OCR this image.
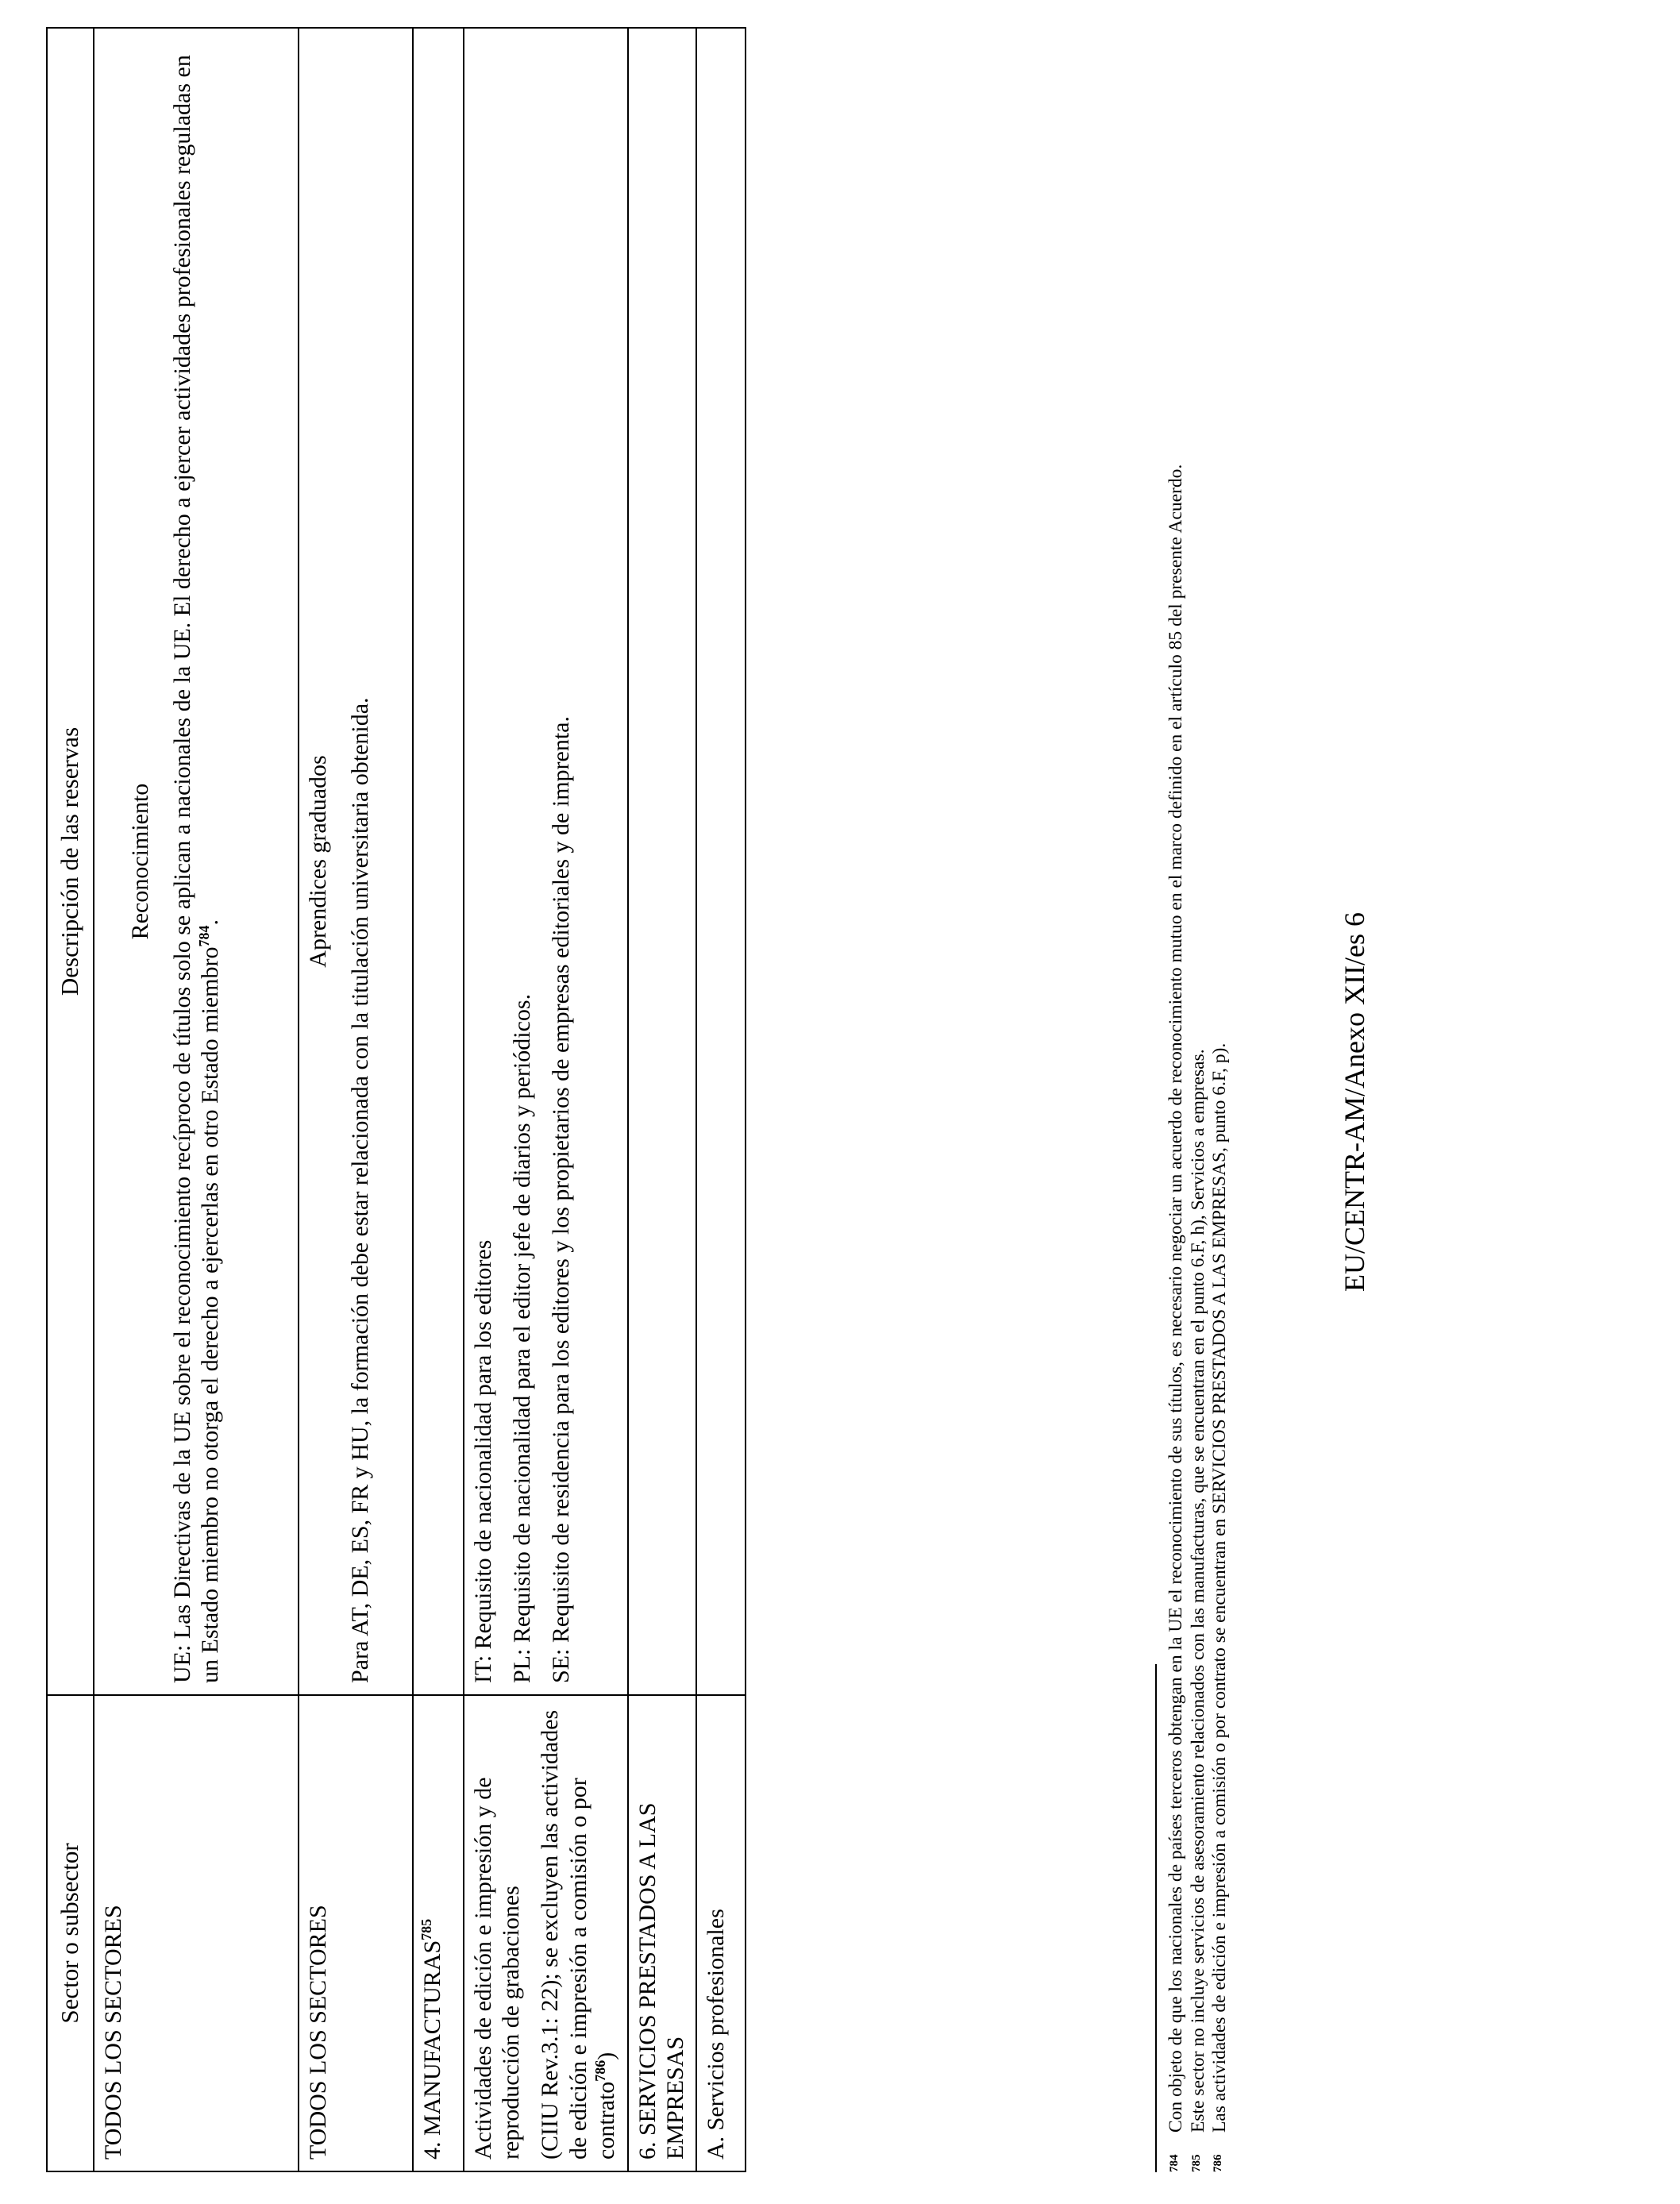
Sector o subsector	Descripción de las reservas
TODOS LOS SECTORES	Reconocimiento UE: Las Directivas de la UE sobre el reconocimiento recíproco de títulos solo se aplican a nacionales de la UE. El derecho a ejercer actividades profesionales reguladas en un Estado miembro no otorga el derecho a ejercerlas en otro Estado miembro$^{784}$.

TODOS LOS SECTORES	Aprendices graduados Para AT, DE, ES, FR y HU, la formación debe estar relacionada con la titulación universitaria obtenida.

4. MANUFACTURAS$^{785}$	

Actividades de edición e impresión y de reproducción de grabaciones (CIIU Rev.3.1: 22); se excluyen las actividades de edición e impresión a comisión o por contrato$^{786}$)	IT: Requisito de nacionalidad para los editores PL: Requisito de nacionalidad para el editor jefe de diarios y periódicos. SE: Requisito de residencia para los editores y los propietarios de empresas editoriales y de imprenta.

6. SERVICIOS PRESTADOS A LAS EMPRESAS	
A. Servicios profesionales	
784
Con objeto de que los nacionales de países terceros obtengan en la UE el reconocimiento de sus títulos, es necesario negociar un acuerdo de reconocimiento mutuo en el marco definido en el artículo 85 del presente Acuerdo.
785
Este sector no incluye servicios de asesoramiento relacionados con las manufacturas, que se encuentran en el punto 6.F, h), Servicios a empresas.
786
Las actividades de edición e impresión a comisión o por contrato se encuentran en SERVICIOS PRESTADOS A LAS EMPRESAS, punto 6.F, p).	EU/CENTR-AM/Anexo XII/es 6
